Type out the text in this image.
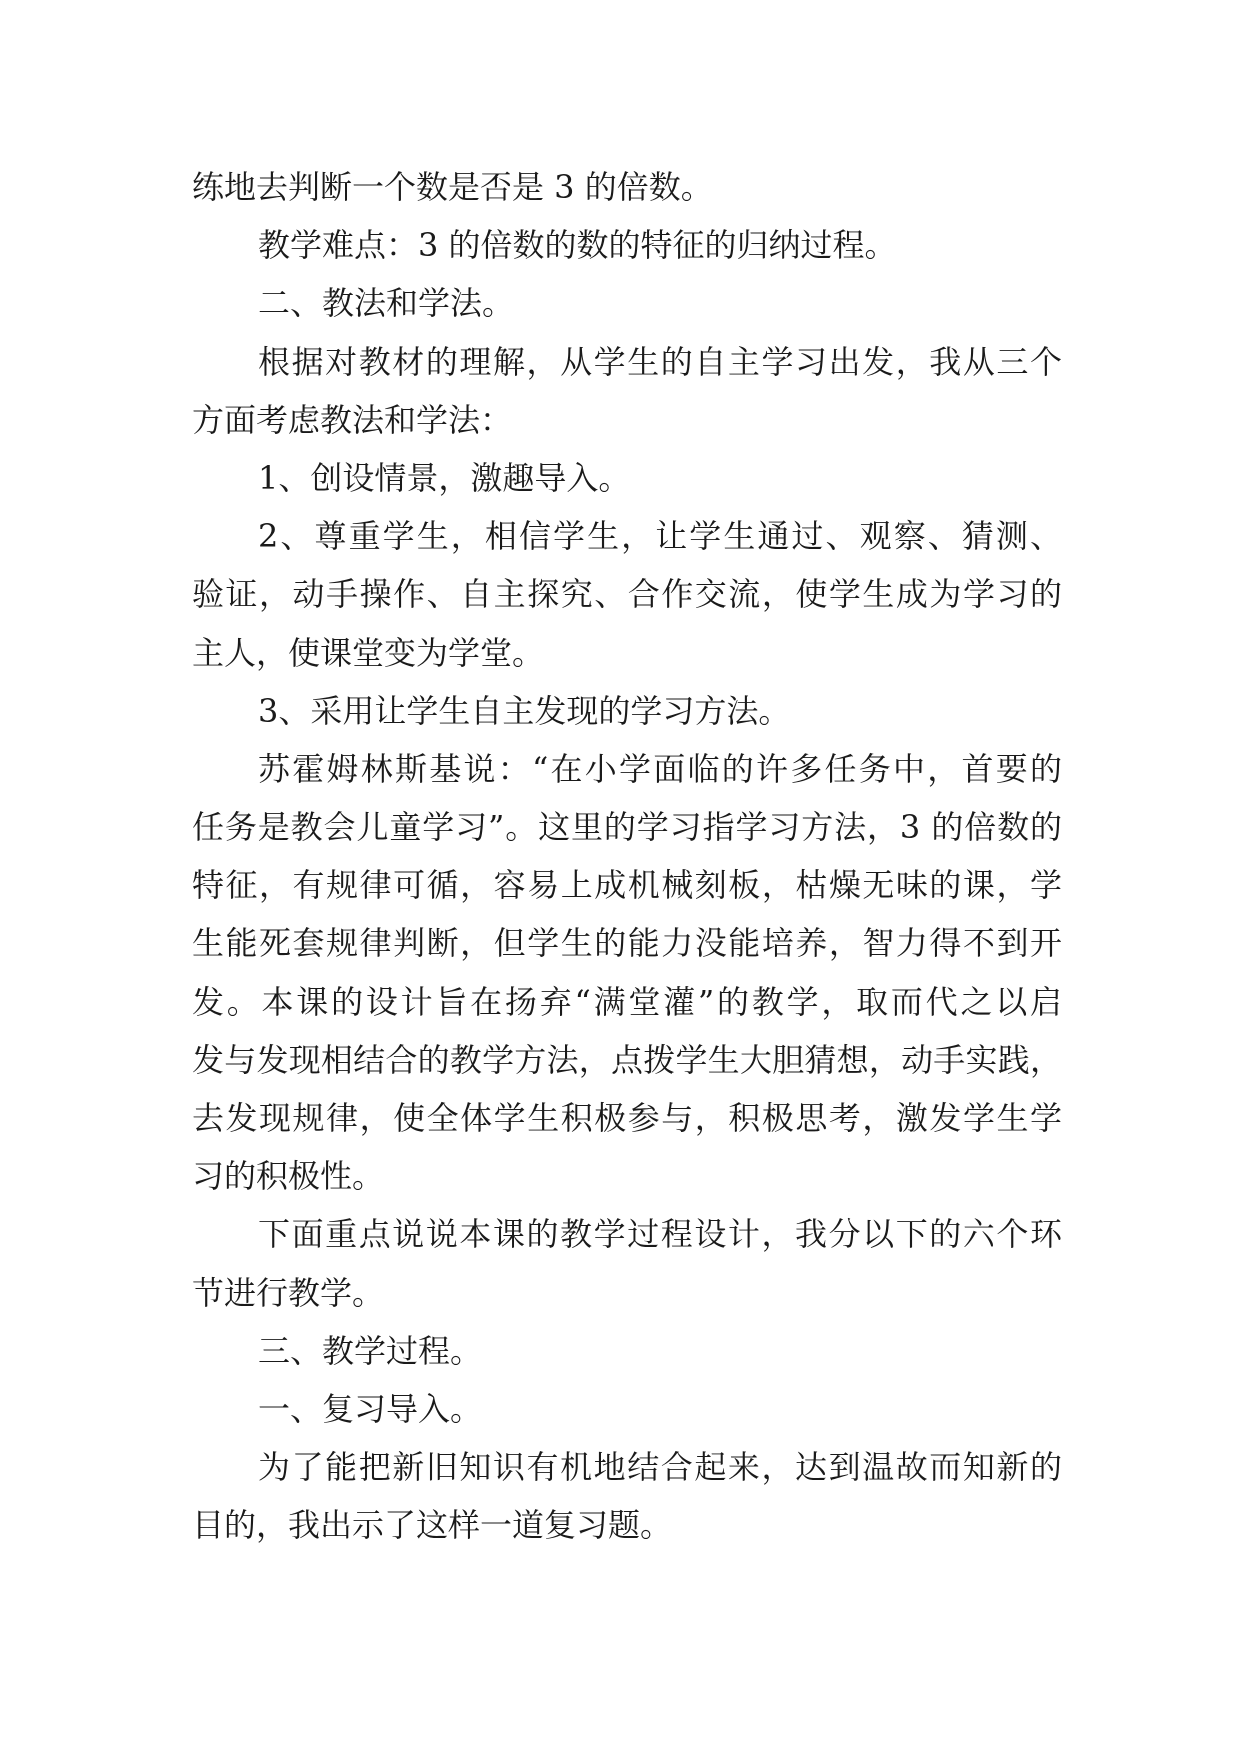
练地去判断一个数是否是 3 的倍数。
教学难点：3 的倍数的数的特征的归纳过程。
二、教法和学法。
根据对教材的理解，从学生的自主学习出发，我从三个
方面考虑教法和学法：
1、创设情景，激趣导入。
2、尊重学生，相信学生，让学生通过、观察、猜测、
验证，动手操作、自主探究、合作交流，使学生成为学习的
主人，使课堂变为学堂。
3、采用让学生自主发现的学习方法。
苏霍姆林斯基说：“在小学面临的许多任务中，首要的
任务是教会儿童学习”。这里的学习指学习方法，3 的倍数的
特征，有规律可循，容易上成机械刻板，枯燥无味的课，学
生能死套规律判断，但学生的能力没能培养，智力得不到开
发。本课的设计旨在扬弃“满堂灌”的教学，取而代之以启
发与发现相结合的教学方法，点拨学生大胆猜想，动手实践，
去发现规律，使全体学生积极参与，积极思考，激发学生学
习的积极性。
下面重点说说本课的教学过程设计，我分以下的六个环
节进行教学。
三、教学过程。
一、复习导入。
为了能把新旧知识有机地结合起来，达到温故而知新的
目的，我出示了这样一道复习题。
